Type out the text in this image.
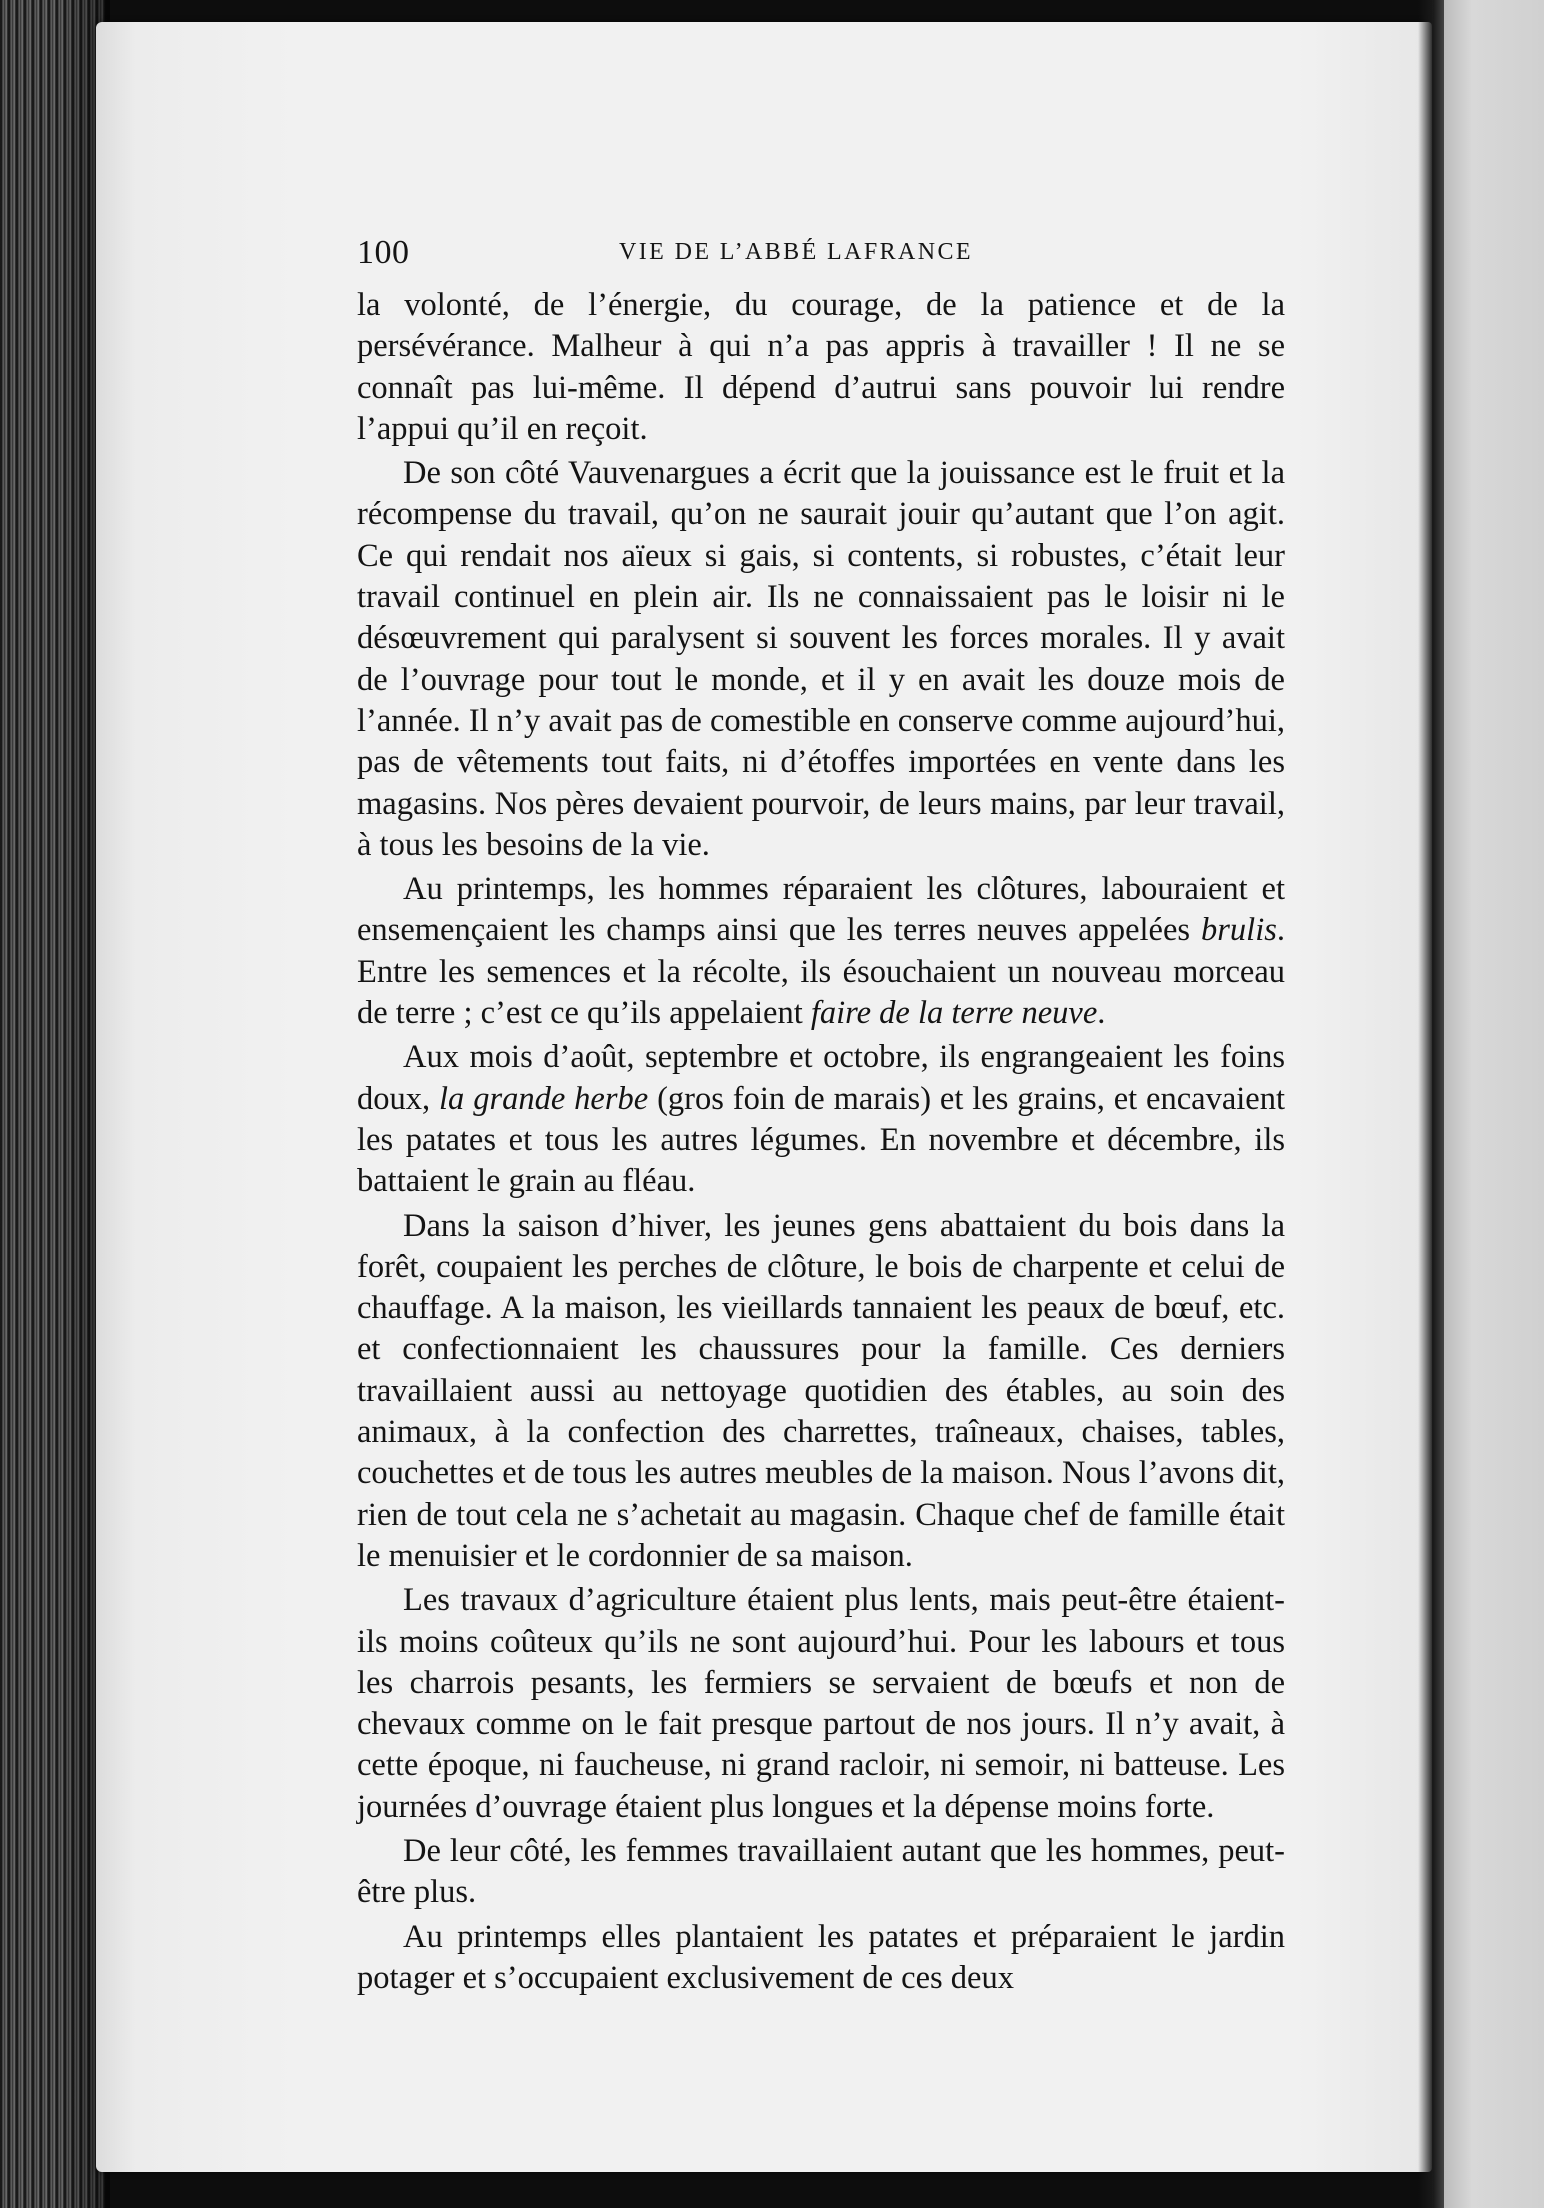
100	VIE DE L’ABBÉ LAFRANCE

la volonté, de l’énergie, du courage, de la patience et de la persévérance. Malheur à qui n’a pas appris à travailler ! Il ne se connaît pas lui-même. Il dépend d’autrui sans pouvoir lui rendre l’appui qu’il en reçoit.

De son côté Vauvenargues a écrit que la jouissance est le fruit et la récompense du travail, qu’on ne saurait jouir qu’autant que l’on agit. Ce qui rendait nos aïeux si gais, si contents, si robustes, c’était leur travail continuel en plein air. Ils ne connaissaient pas le loisir ni le désœuvrement qui paralysent si souvent les forces morales. Il y avait de l’ouvrage pour tout le monde, et il y en avait les douze mois de l’année. Il n’y avait pas de comestible en conserve comme aujourd’hui, pas de vêtements tout faits, ni d’étoffes importées en vente dans les magasins. Nos pères devaient pourvoir, de leurs mains, par leur travail, à tous les besoins de la vie.

Au printemps, les hommes réparaient les clôtures, labouraient et ensemençaient les champs ainsi que les terres neuves appelées brulis. Entre les semences et la récolte, ils ésouchaient un nouveau morceau de terre ; c’est ce qu’ils appelaient faire de la terre neuve.

Aux mois d’août, septembre et octobre, ils engrangeaient les foins doux, la grande herbe (gros foin de marais) et les grains, et encavaient les patates et tous les autres légumes. En novembre et décembre, ils battaient le grain au fléau.

Dans la saison d’hiver, les jeunes gens abattaient du bois dans la forêt, coupaient les perches de clôture, le bois de charpente et celui de chauffage. A la maison, les vieillards tannaient les peaux de bœuf, etc. et confectionnaient les chaussures pour la famille. Ces derniers travaillaient aussi au nettoyage quotidien des étables, au soin des animaux, à la confection des charrettes, traîneaux, chaises, tables, couchettes et de tous les autres meubles de la maison. Nous l’avons dit, rien de tout cela ne s’achetait au magasin. Chaque chef de famille était le menuisier et le cordonnier de sa maison.

Les travaux d’agriculture étaient plus lents, mais peut-être étaient-ils moins coûteux qu’ils ne sont aujourd’hui. Pour les labours et tous les charrois pesants, les fermiers se servaient de bœufs et non de chevaux comme on le fait presque partout de nos jours. Il n’y avait, à cette époque, ni faucheuse, ni grand racloir, ni semoir, ni batteuse. Les journées d’ouvrage étaient plus longues et la dépense moins forte.

De leur côté, les femmes travaillaient autant que les hommes, peut-être plus.

Au printemps elles plantaient les patates et préparaient le jardin potager et s’occupaient exclusivement de ces deux
